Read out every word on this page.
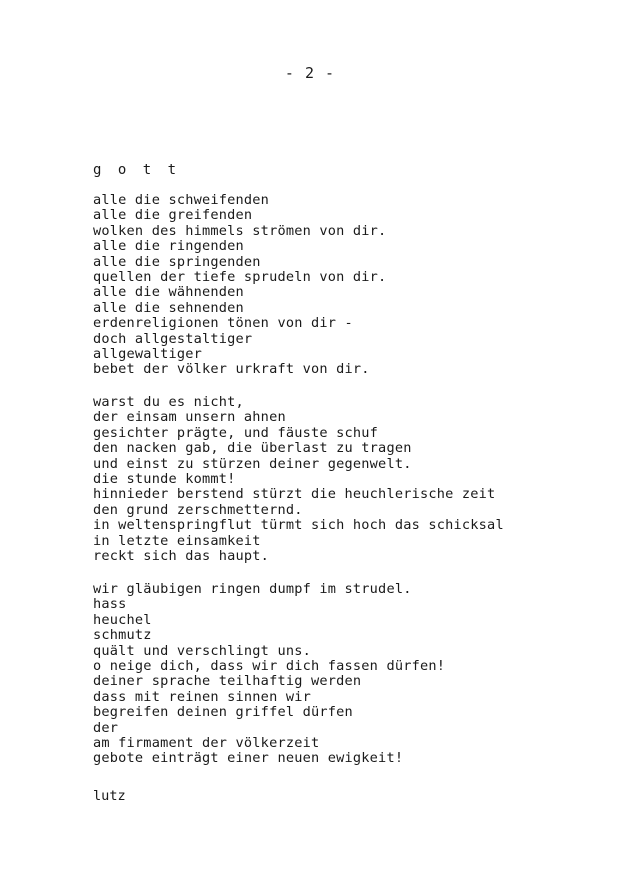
- 2 -
g o t t
alle die schweifenden
alle die greifenden
wolken des himmels strömen von dir.
alle die ringenden
alle die springenden
quellen der tiefe sprudeln von dir.
alle die wähnenden
alle die sehnenden
erdenreligionen tönen von dir -
doch allgestaltiger
allgewaltiger
bebet der völker urkraft von dir.
warst du es nicht,
der einsam unsern ahnen
gesichter prägte, und fäuste schuf
den nacken gab, die überlast zu tragen
und einst zu stürzen deiner gegenwelt.
die stunde kommt!
hinnieder berstend stürzt die heuchlerische zeit
den grund zerschmetternd.
in weltenspringflut türmt sich hoch das schicksal
in letzte einsamkeit
reckt sich das haupt.
wir gläubigen ringen dumpf im strudel.
hass
heuchel
schmutz
quält und verschlingt uns.
o neige dich, dass wir dich fassen dürfen!
deiner sprache teilhaftig werden
dass mit reinen sinnen wir
begreifen deinen griffel dürfen
der
am firmament der völkerzeit
gebote einträgt einer neuen ewigkeit!

lutz
